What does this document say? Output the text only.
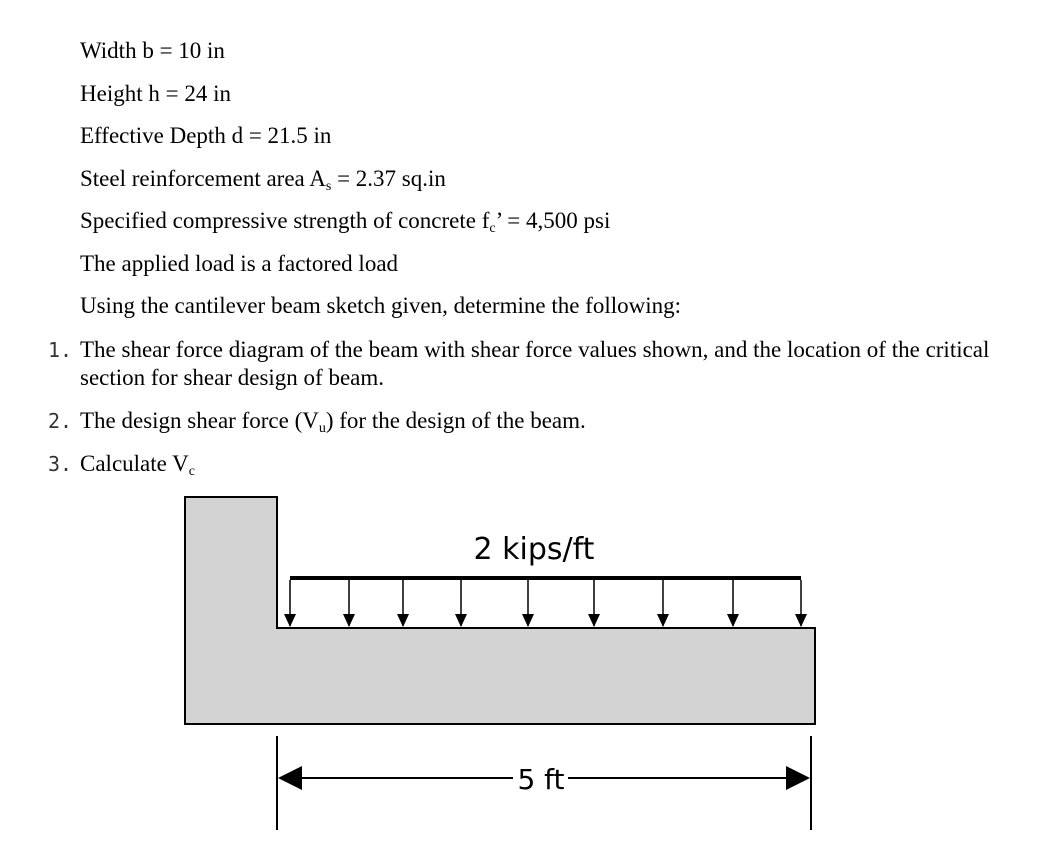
Width b = 10 in
Height h = 24 in
Effective Depth d = 21.5 in
Steel reinforcement area $A_s = 2.37$ sq.in
Specified compressive strength of concrete $f_c$’ = 4,500 psi
The applied load is a factored load
Using the cantilever beam sketch given, determine the following:
1. The shear force diagram of the beam with shear force values shown, and the location of the critical section for shear design of beam.
2. The design shear force $(V_u)$ for the design of the beam.
3. Calculate $V_c$
2 kips/ft
5 ft
